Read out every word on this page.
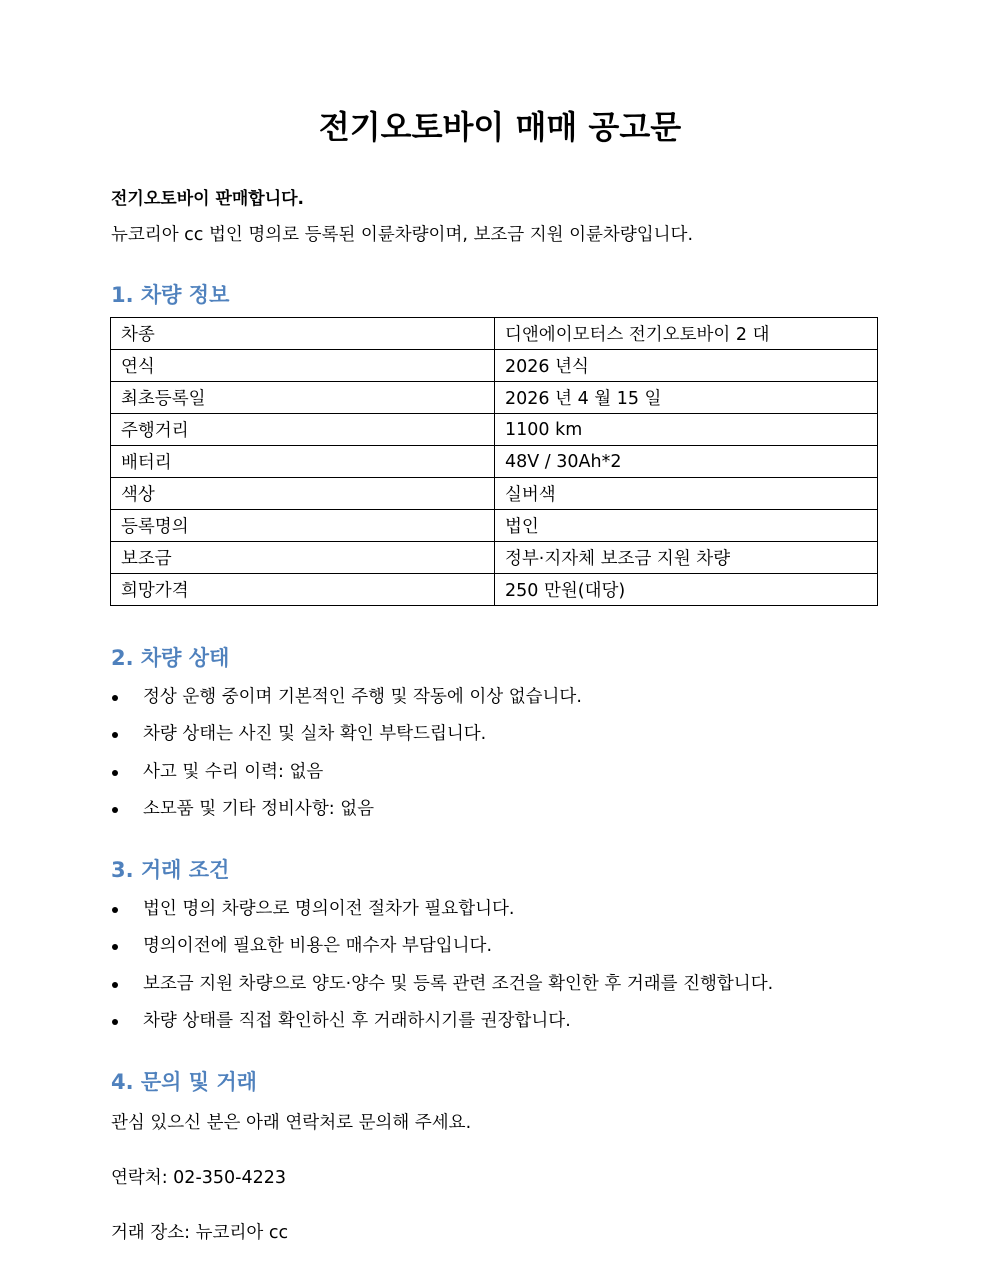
전기오토바이 매매 공고문

전기오토바이 판매합니다.

뉴코리아 cc 법인 명의로 등록된 이륜차량이며, 보조금 지원 이륜차량입니다.

1. 차량 정보
차종	디앤에이모터스 전기오토바이 2 대
연식	2026 년식
최초등록일	2026 년 4 월 15 일
주행거리	1100 km
배터리	48V / 30Ah*2
색상	실버색
등록명의	법인
보조금	정부·지자체 보조금 지원 차량
희망가격	250 만원(대당)
2. 차량 상태
정상 운행 중이며 기본적인 주행 및 작동에 이상 없습니다.
차량 상태는 사진 및 실차 확인 부탁드립니다.
사고 및 수리 이력: 없음
소모품 및 기타 정비사항: 없음
3. 거래 조건
법인 명의 차량으로 명의이전 절차가 필요합니다.
명의이전에 필요한 비용은 매수자 부담입니다.
보조금 지원 차량으로 양도·양수 및 등록 관련 조건을 확인한 후 거래를 진행합니다.
차량 상태를 직접 확인하신 후 거래하시기를 권장합니다.
4. 문의 및 거래

관심 있으신 분은 아래 연락처로 문의해 주세요.

연락처: 02-350-4223

거래 장소: 뉴코리아 cc
